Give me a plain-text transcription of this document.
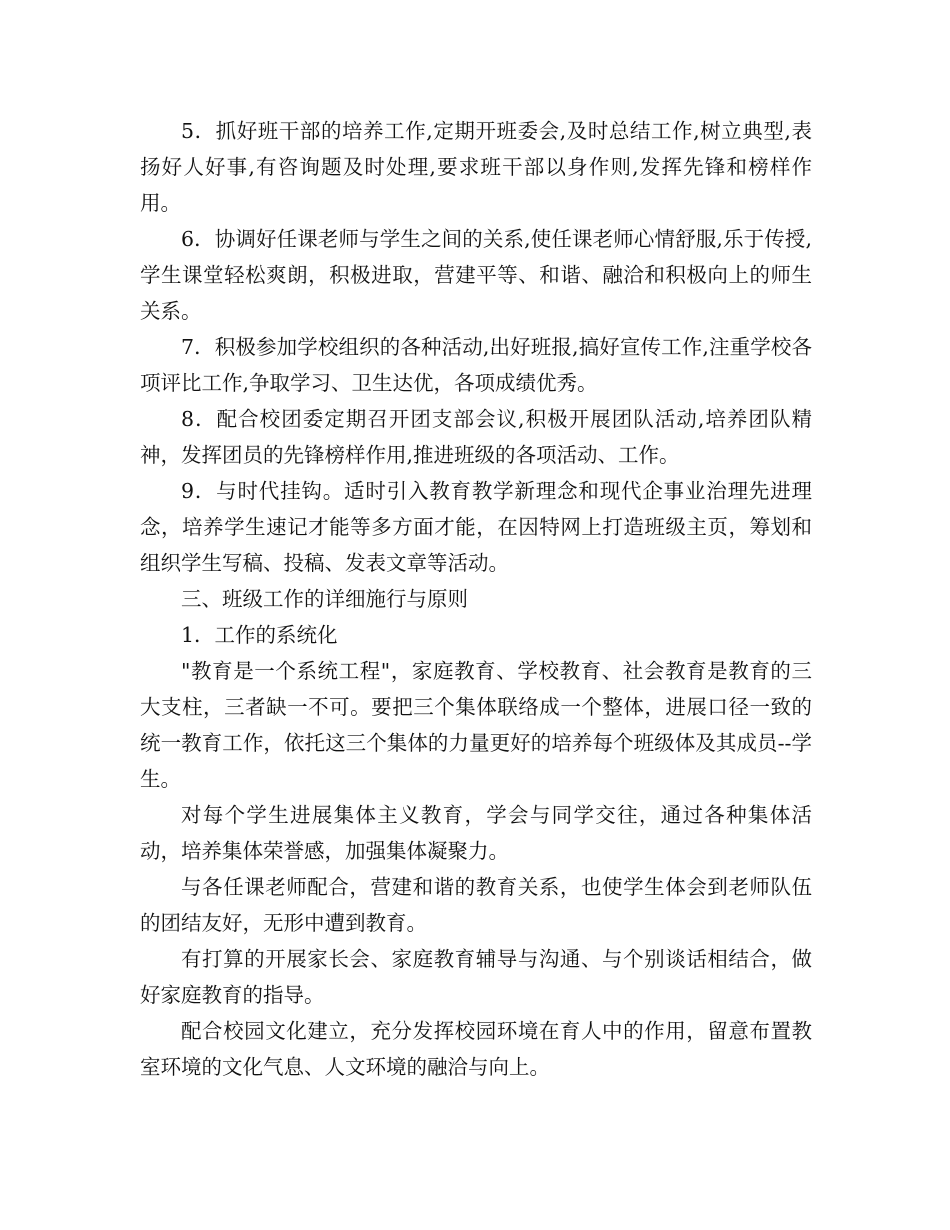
5．抓好班干部的培养工作,定期开班委会,及时总结工作,树立典型,表扬好人好事,有咨询题及时处理,要求班干部以身作则,发挥先锋和榜样作用。

6．协调好任课老师与学生之间的关系,使任课老师心情舒服,乐于传授,学生课堂轻松爽朗，积极进取，营建平等、和谐、融洽和积极向上的师生关系。

7．积极参加学校组织的各种活动,出好班报,搞好宣传工作,注重学校各项评比工作,争取学习、卫生达优，各项成绩优秀。

8．配合校团委定期召开团支部会议,积极开展团队活动,培养团队精神，发挥团员的先锋榜样作用,推进班级的各项活动、工作。

9．与时代挂钩。适时引入教育教学新理念和现代企事业治理先进理念，培养学生速记才能等多方面才能，在因特网上打造班级主页，筹划和组织学生写稿、投稿、发表文章等活动。

三、班级工作的详细施行与原则

1．工作的系统化

"教育是一个系统工程"，家庭教育、学校教育、社会教育是教育的三大支柱，三者缺一不可。要把三个集体联络成一个整体，进展口径一致的统一教育工作，依托这三个集体的力量更好的培养每个班级体及其成员--学生。

对每个学生进展集体主义教育，学会与同学交往，通过各种集体活动，培养集体荣誉感，加强集体凝聚力。

与各任课老师配合，营建和谐的教育关系，也使学生体会到老师队伍的团结友好，无形中遭到教育。

有打算的开展家长会、家庭教育辅导与沟通、与个别谈话相结合，做好家庭教育的指导。

配合校园文化建立，充分发挥校园环境在育人中的作用，留意布置教室环境的文化气息、人文环境的融洽与向上。
